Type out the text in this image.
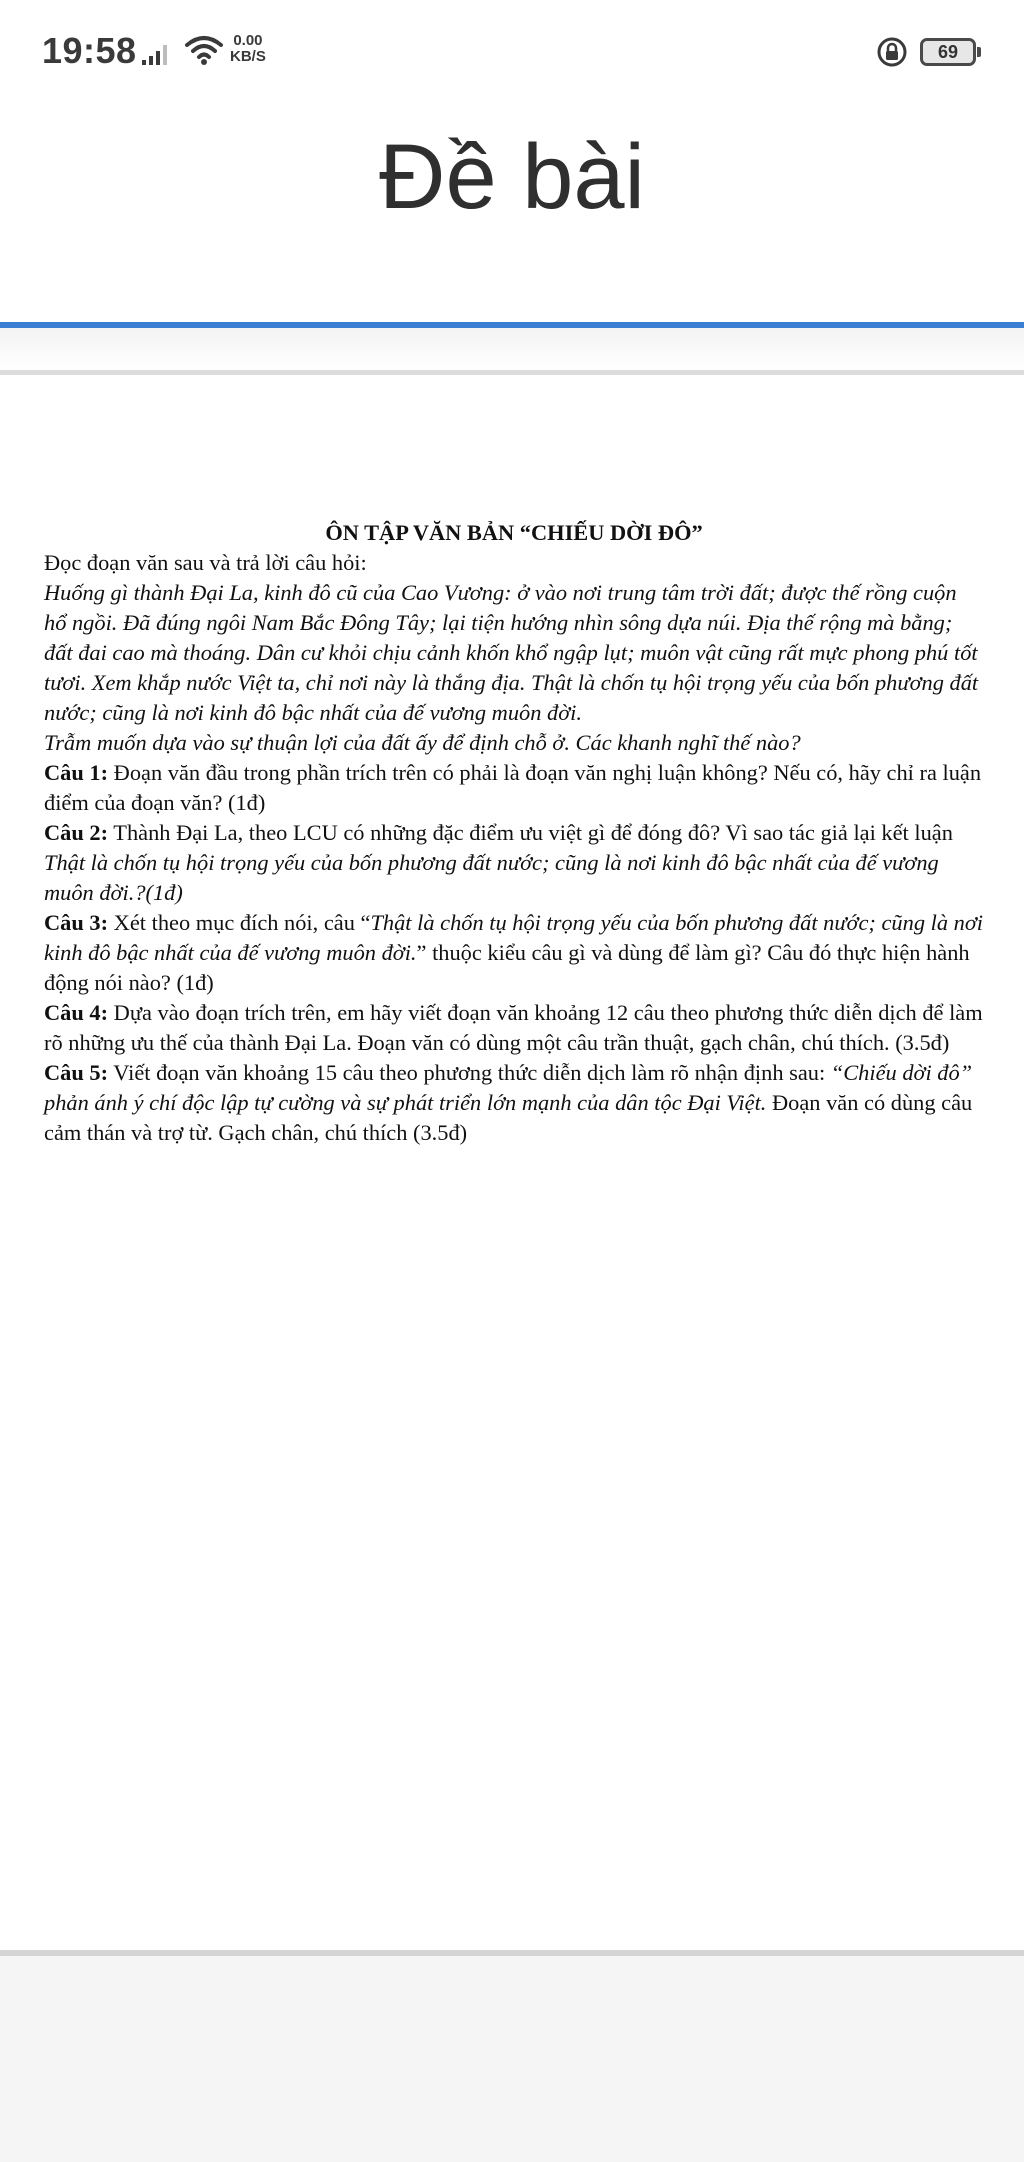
19:58	0.00
KB/S	69
Đề bài
ÔN TẬP VĂN BẢN “CHIẾU DỜI ĐÔ”

Đọc đoạn văn sau và trả lời câu hỏi:

Huống gì thành Đại La, kinh đô cũ của Cao Vương: ở vào nơi trung tâm trời đất; được thế rồng cuộn hổ ngồi. Đã đúng ngôi Nam Bắc Đông Tây; lại tiện hướng nhìn sông dựa núi. Địa thế rộng mà bằng; đất đai cao mà thoáng. Dân cư khỏi chịu cảnh khốn khổ ngập lụt; muôn vật cũng rất mực phong phú tốt tươi. Xem khắp nước Việt ta, chỉ nơi này là thắng địa. Thật là chốn tụ hội trọng yếu của bốn phương đất nước; cũng là nơi kinh đô bậc nhất của đế vương muôn đời.

Trẫm muốn dựa vào sự thuận lợi của đất ấy để định chỗ ở. Các khanh nghĩ thế nào?

Câu 1: Đoạn văn đầu trong phần trích trên có phải là đoạn văn nghị luận không? Nếu có, hãy chỉ ra luận điểm của đoạn văn? (1đ)

Câu 2: Thành Đại La, theo LCU có những đặc điểm ưu việt gì để đóng đô? Vì sao tác giả lại kết luận Thật là chốn tụ hội trọng yếu của bốn phương đất nước; cũng là nơi kinh đô bậc nhất của đế vương muôn đời.?(1đ)

Câu 3: Xét theo mục đích nói, câu “Thật là chốn tụ hội trọng yếu của bốn phương đất nước; cũng là nơi kinh đô bậc nhất của đế vương muôn đời.” thuộc kiểu câu gì và dùng để làm gì? Câu đó thực hiện hành động nói nào? (1đ)

Câu 4: Dựa vào đoạn trích trên, em hãy viết đoạn văn khoảng 12 câu theo phương thức diễn dịch để làm rõ những ưu thế của thành Đại La. Đoạn văn có dùng một câu trần thuật, gạch chân, chú thích. (3.5đ)

Câu 5: Viết đoạn văn khoảng 15 câu theo phương thức diễn dịch làm rõ nhận định sau: “Chiếu dời đô” phản ánh ý chí độc lập tự cường và sự phát triển lớn mạnh của dân tộc Đại Việt. Đoạn văn có dùng câu cảm thán và trợ từ. Gạch chân, chú thích (3.5đ)
